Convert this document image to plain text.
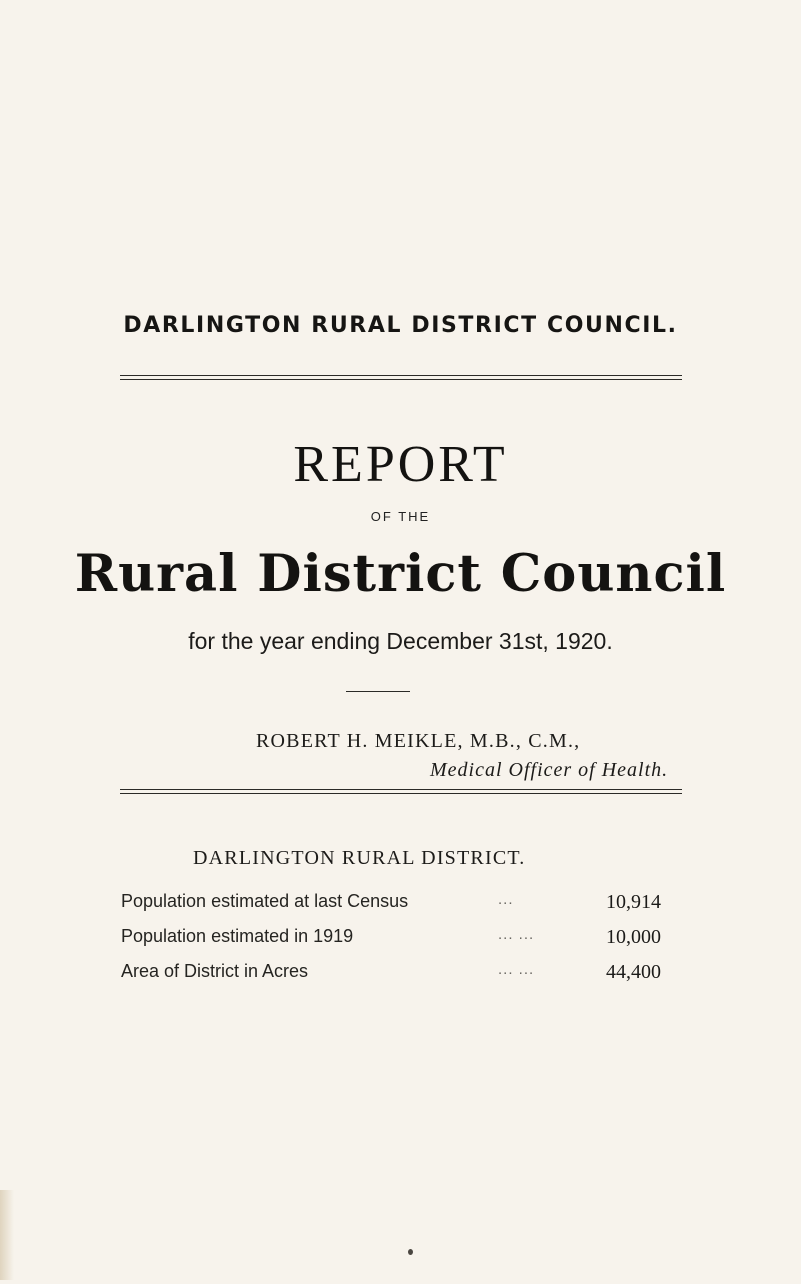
DARLINGTON RURAL DISTRICT COUNCIL.
REPORT
OF THE
Rural District Council
for the year ending December 31st, 1920.
ROBERT H. MEIKLE, M.B., C.M.,
Medical Officer of Health.
DARLINGTON RURAL DISTRICT.
Population estimated at last Census	...	10,914
Population estimated in 1919	... ...	10,000
Area of District in Acres	... ...	44,400
